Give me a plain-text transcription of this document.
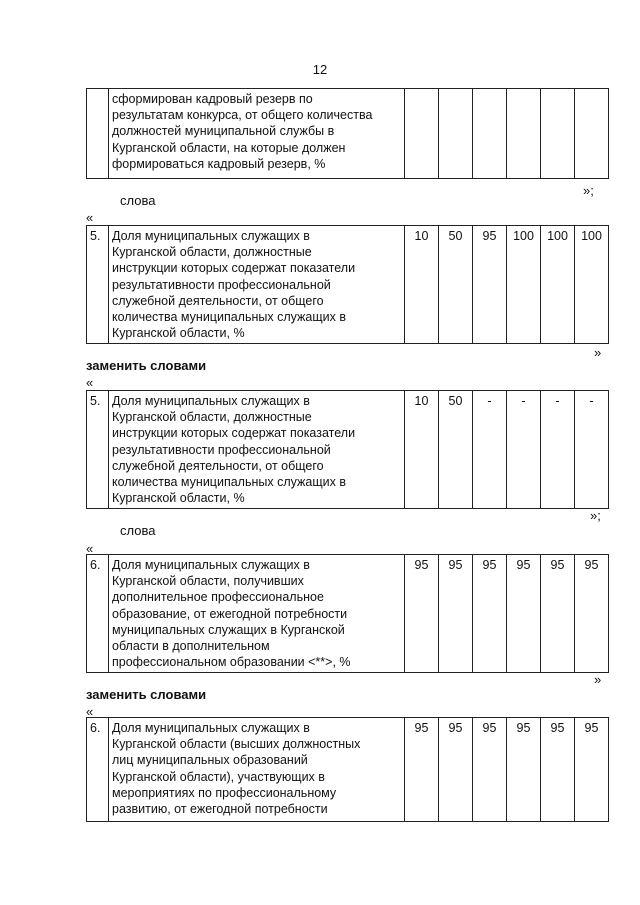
12

сформирован кадровый резерв по
результатам конкурса, от общего количества
должностей муниципальной службы в
Курганской области, на которые должен
формироваться кадровый резерв, %

»;
слова
«
5.	Доля муниципальных служащих в
Курганской области, должностные
инструкции которых содержат показатели
результативности профессиональной
служебной деятельности, от общего
количества муниципальных служащих в
Курганской области, %
	10	50	95	100	100	100
»
заменить словами
«
5.	Доля муниципальных служащих в
Курганской области, должностные
инструкции которых содержат показатели
результативности профессиональной
служебной деятельности, от общего
количества муниципальных служащих в
Курганской области, %
	10	50	-	-	-	-
»;
слова
«
6.	Доля муниципальных служащих в
Курганской области, получивших
дополнительное профессиональное
образование, от ежегодной потребности
муниципальных служащих в Курганской
области в дополнительном
профессиональном образовании <**>, %
	95	95	95	95	95	95
»
заменить словами
«
6.	Доля муниципальных служащих в
Курганской области (высших должностных
лиц муниципальных образований
Курганской области), участвующих в
мероприятиях по профессиональному
развитию, от ежегодной потребности
	95	95	95	95	95	95
